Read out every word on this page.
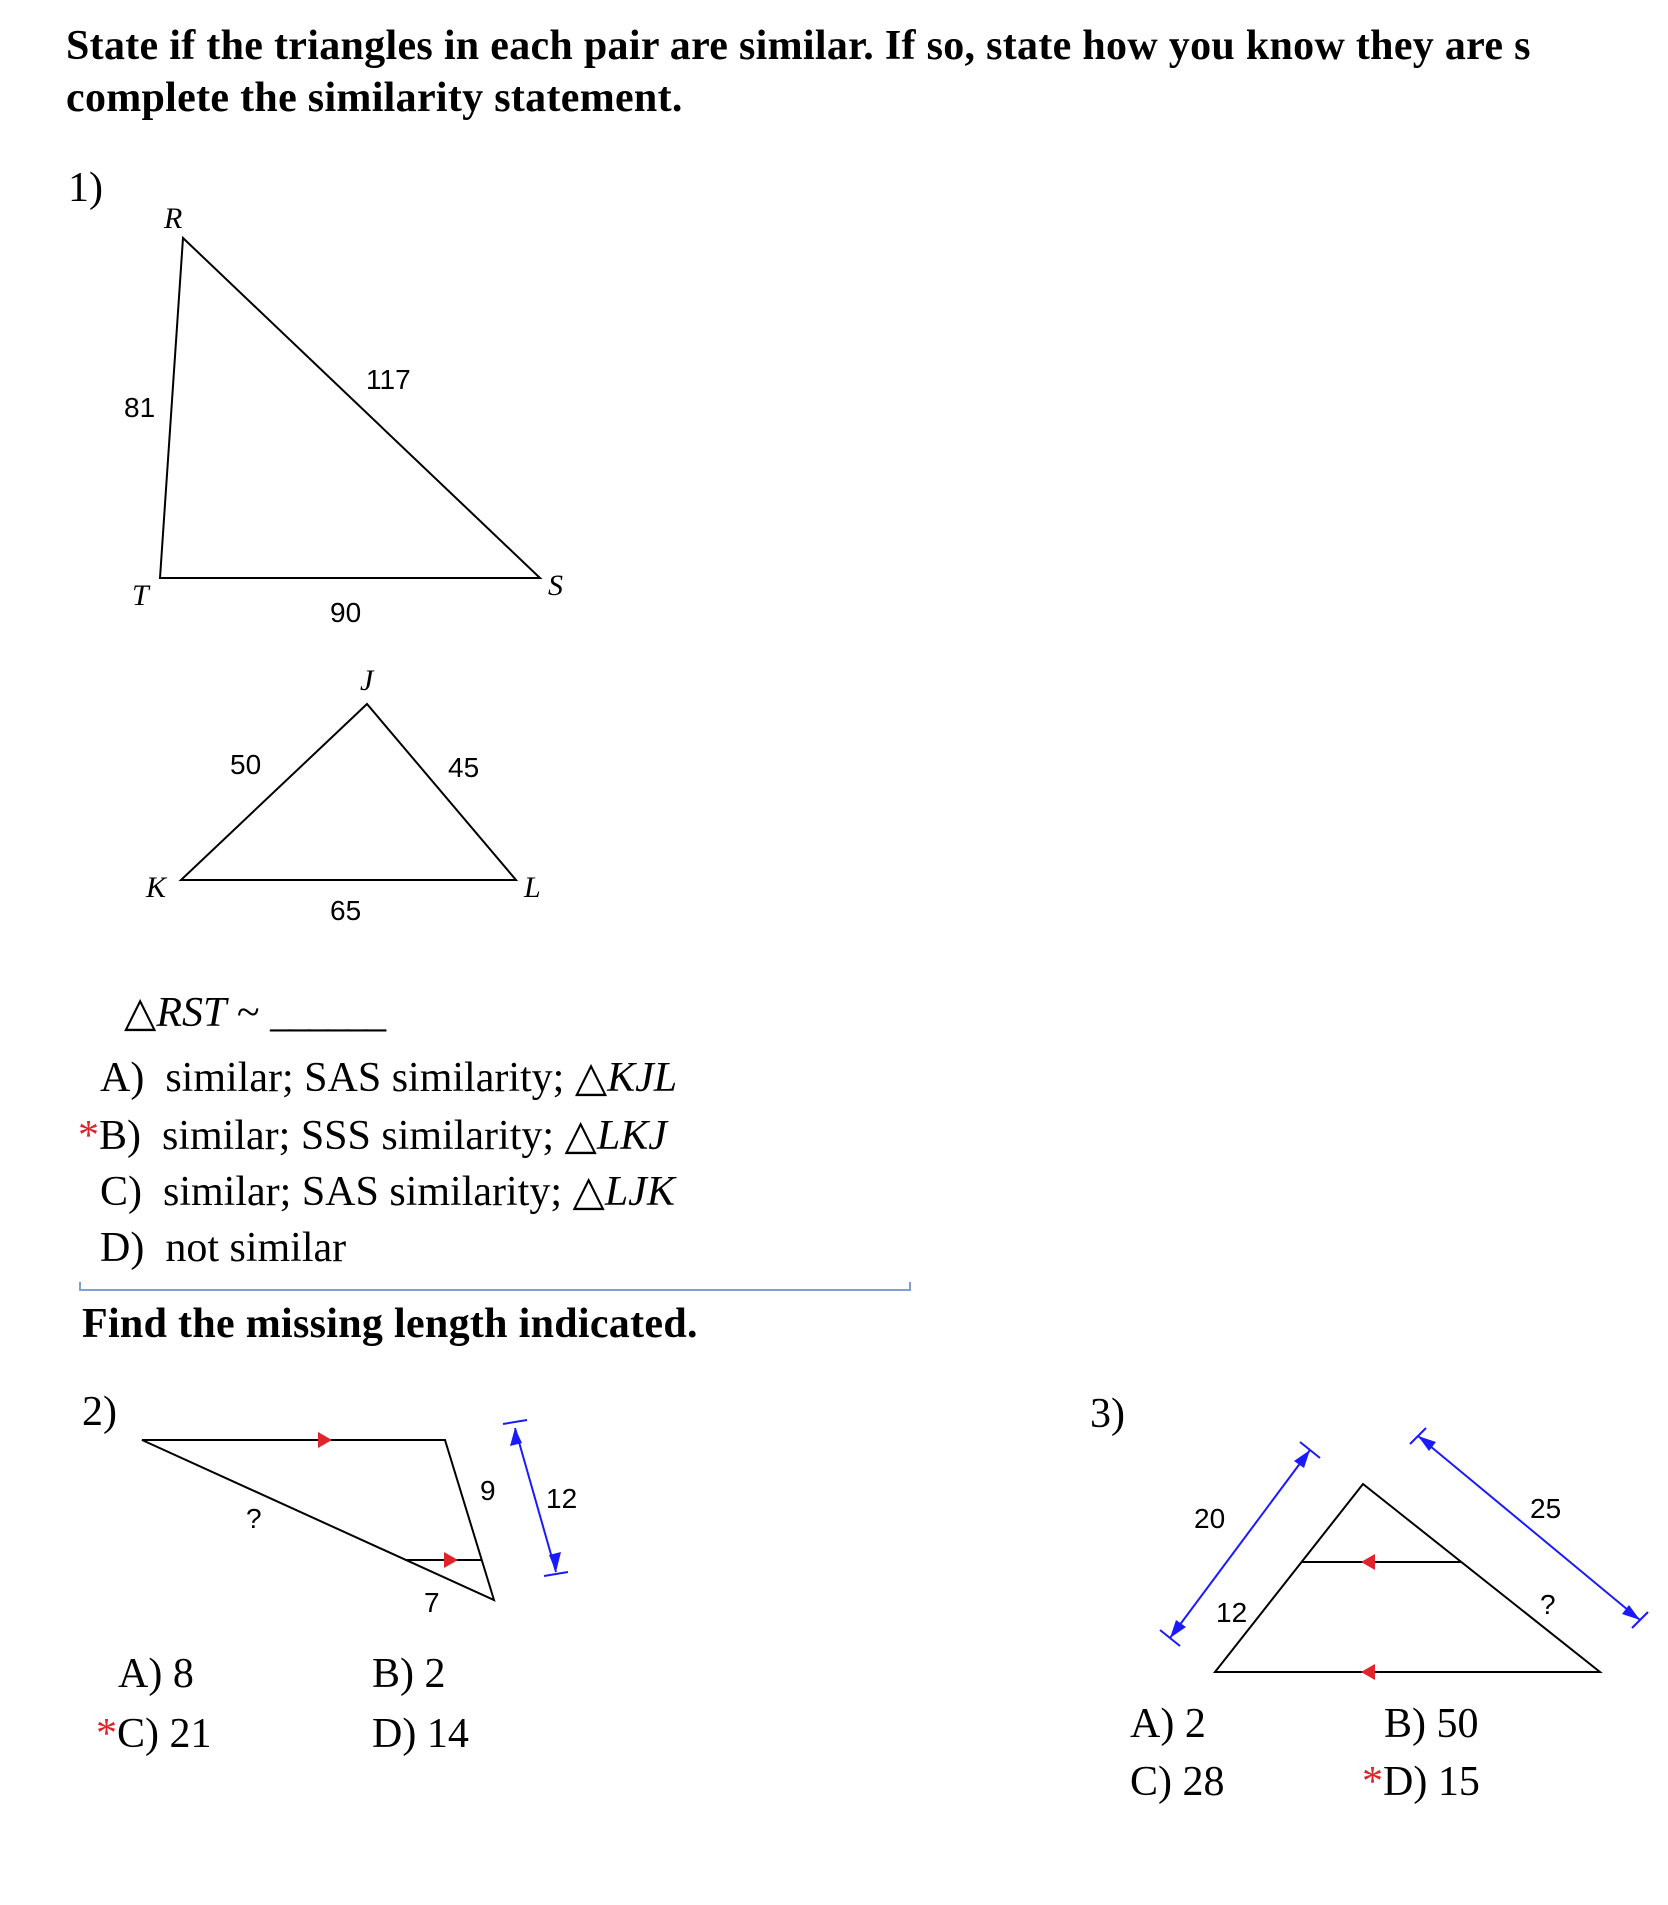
State if the triangles in each pair are similar. If so, state how you know they are s
complete the similarity statement.
1)
R
T	S
81
117
90
J
K	L
50	45
65
?
9
7
12
20
12
25
?
△RST ~ ______
A) similar; SAS similarity; △KJL
*B) similar; SSS similarity; △LKJ
C) similar; SAS similarity; △LJK
D) not similar
Find the missing length indicated.
2)
A) 8	B) 2
*C) 21	D) 14
3)
A) 2	B) 50
C) 28	*D) 15
